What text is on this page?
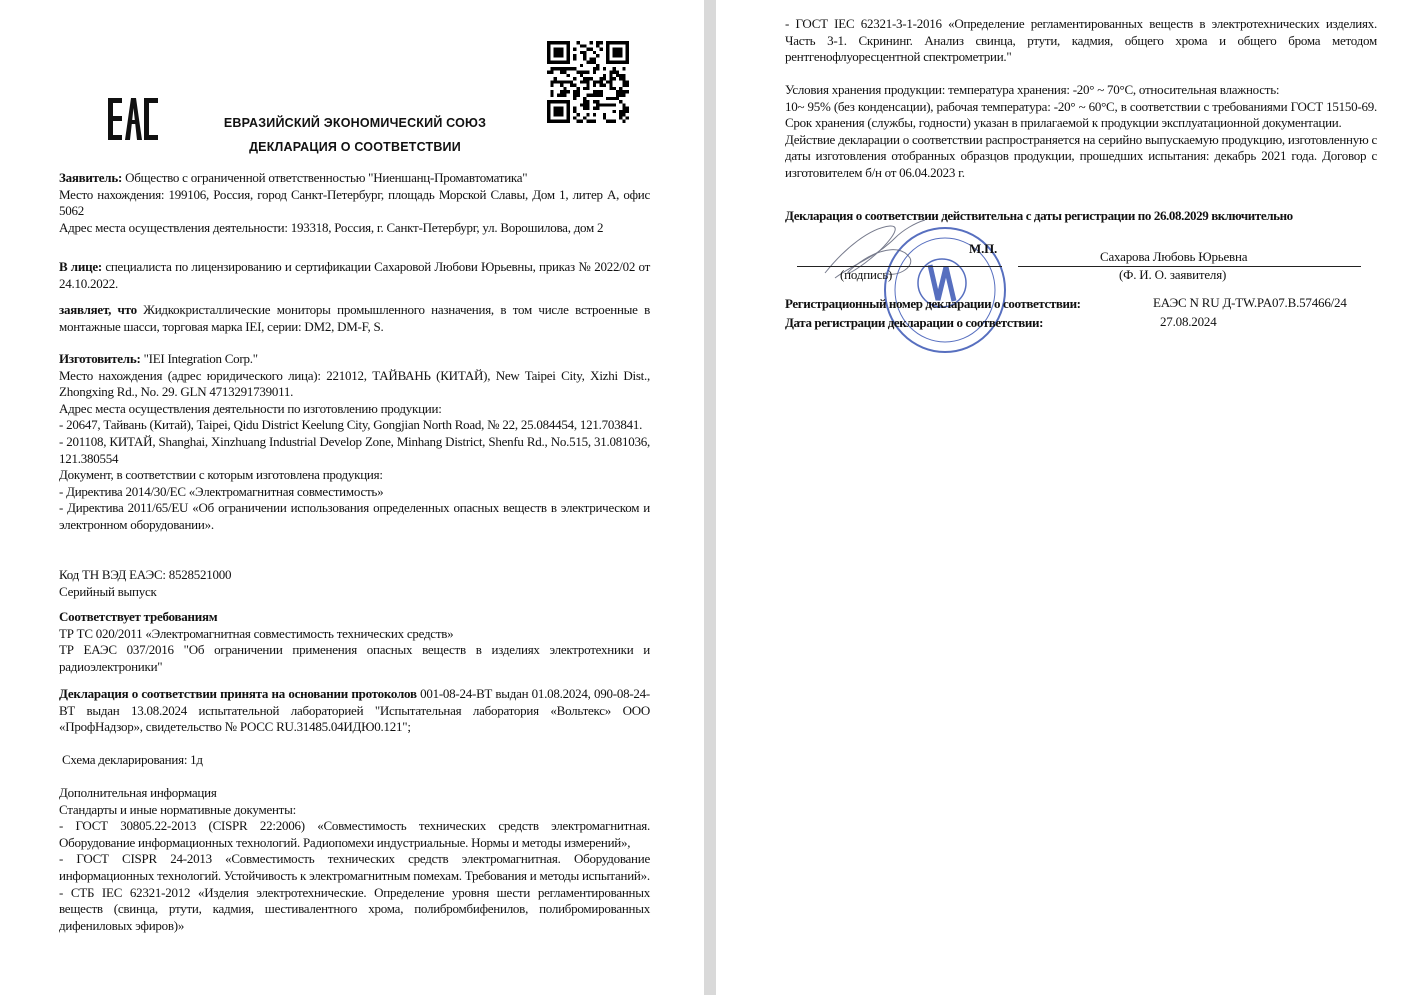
ЕВРАЗИЙСКИЙ ЭКОНОМИЧЕСКИЙ СОЮЗ
ДЕКЛАРАЦИЯ О СООТВЕТСТВИИ

Заявитель: Общество с ограниченной ответственностью "Ниеншанц-Промавтоматика"

Место нахождения: 199106, Россия, город Санкт-Петербург, площадь Морской Славы, Дом 1, литер А, офис 5062

Адрес места осуществления деятельности: 193318, Россия, г. Санкт-Петербург, ул. Ворошилова, дом 2

В лице: специалиста по лицензированию и сертификации Сахаровой Любови Юрьевны, приказ № 2022/02 от 24.10.2022.

заявляет, что Жидкокристаллические мониторы промышленного назначения, в том числе встроенные в монтажные шасси, торговая марка IEI, серии: DM2, DM-F, S.

Изготовитель: "IEI Integration Corp."

Место нахождения (адрес юридического лица): 221012, ТАЙВАНЬ (КИТАЙ), New Taipei City, Xizhi Dist., Zhongxing Rd., No. 29. GLN 4713291739011.

Адрес места осуществления деятельности по изготовлению продукции:

- 20647, Тайвань (Китай), Taipei, Qidu District Keelung City, Gongjian North Road, № 22, 25.084454, 121.703841.

- 201108, КИТАЙ, Shanghai, Xinzhuang Industrial Develop Zone, Minhang District, Shenfu Rd., No.515, 31.081036, 121.380554

Документ, в соответствии с которым изготовлена продукция:

- Директива 2014/30/EC «Электромагнитная совместимость»

- Директива 2011/65/EU «Об ограничении использования определенных опасных веществ в электрическом и электронном оборудовании».

Код ТН ВЭД ЕАЭС: 8528521000

Серийный выпуск

Соответствует требованиям

ТР ТС 020/2011 «Электромагнитная совместимость технических средств»

ТР ЕАЭС 037/2016 "Об ограничении применения опасных веществ в изделиях электротехники и радиоэлектроники"

Декларация о соответствии принята на основании протоколов 001-08-24-ВТ выдан 01.08.2024, 090-08-24-ВТ выдан 13.08.2024 испытательной лабораторией "Испытательная лаборатория «Вольтекс» ООО «ПрофНадзор», свидетельство № РОСС RU.31485.04ИДЮ0.121";

Схема декларирования: 1д

Дополнительная информация

Стандарты и иные нормативные документы:

- ГОСТ 30805.22-2013 (CISPR 22:2006) «Совместимость технических средств электромагнитная. Оборудование информационных технологий. Радиопомехи индустриальные. Нормы и методы измерений»,

- ГОСТ CISPR 24-2013 «Совместимость технических средств электромагнитная. Оборудование информационных технологий. Устойчивость к электромагнитным помехам. Требования и методы испытаний».

- СТБ IEC 62321-2012 «Изделия электротехнические. Определение уровня шести регламентированных веществ (свинца, ртути, кадмия, шестивалентного хрома, полибромбифенилов, полибромированных дифениловых эфиров)»

- ГОСТ IEC 62321-3-1-2016 «Определение регламентированных веществ в электротехнических изделиях. Часть 3-1. Скрининг. Анализ свинца, ртути, кадмия, общего хрома и общего брома методом рентгенофлуоресцентной спектрометрии."

Условия хранения продукции: температура хранения: -20° ~ 70°С, относительная влажность:

10~ 95% (без конденсации), рабочая температура: -20° ~ 60°С, в соответствии с требованиями ГОСТ 15150-69. Срок хранения (службы, годности) указан в прилагаемой к продукции эксплуатационной документации.

Действие декларации о соответствии распространяется на серийно выпускаемую продукцию, изготовленную с даты изготовления отобранных образцов продукции, прошедших испытания: декабрь 2021 года. Договор с изготовителем б/н от 06.04.2023 г.

Декларация о соответствии действительна с даты регистрации по 26.08.2029 включительно
М.П.
Сахарова Любовь Юрьевна
(подпись)	(Ф. И. О. заявителя)
Регистрационный номер декларации о соответствии:	ЕАЭС N RU Д-TW.PA07.B.57466/24
Дата регистрации декларации о соответствии:	27.08.2024
